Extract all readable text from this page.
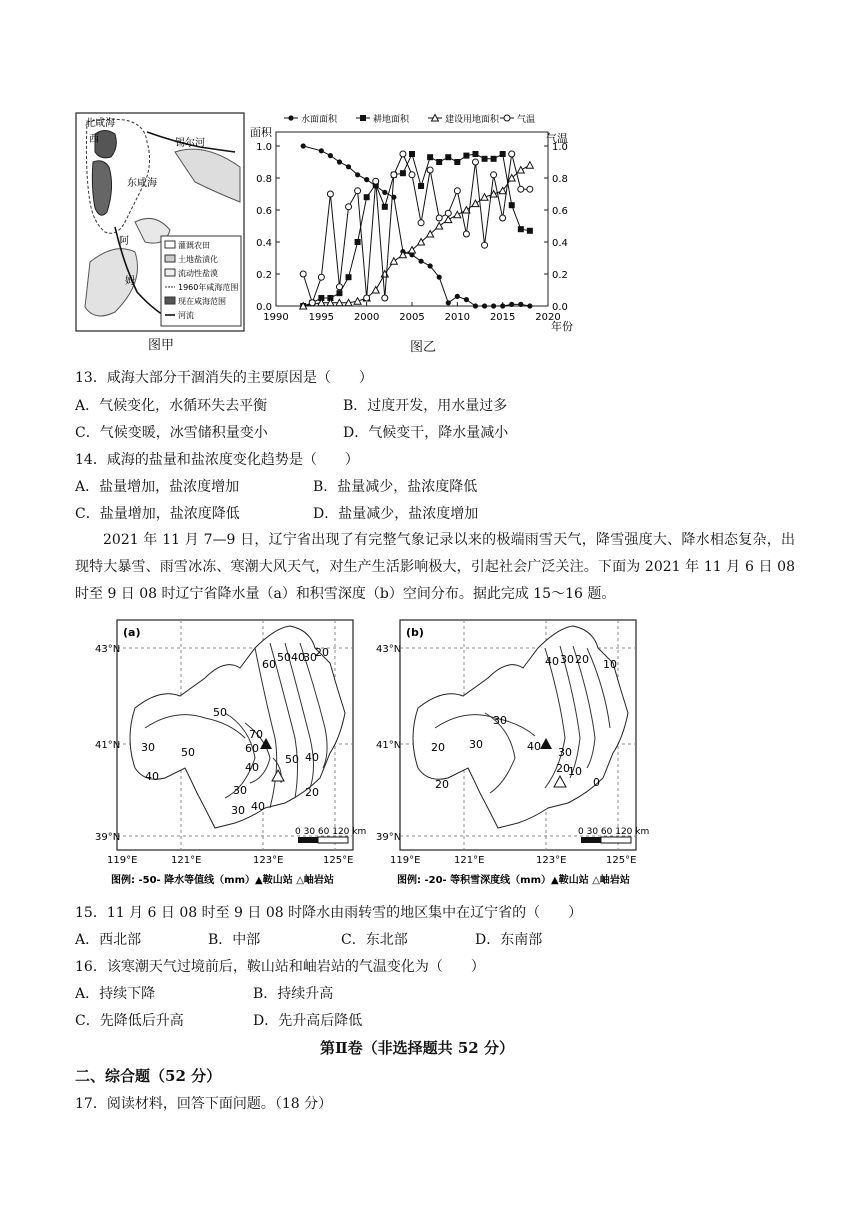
北咸海
西
东咸海
锡尔河
阿
姆
灌溉农田
土地盐渍化
流动性盐漠
1960年咸海范围
现在咸海范围
河流
图甲
水面面积	耕地面积	建设用地面积 气温
面积	气温
年份
0.0
0.2
0.4
0.6
0.8
1.0
0.0
0.2
0.4
0.6
0.8
1.0
1990 1995 2000 2005 2010 2015 2020
图乙
13．咸海大部分干涸消失的主要原因是（　　）
A．气候变化，水循环失去平衡	B．过度开发，用水量过多
C．气候变暖，冰雪储积量变小	D．气候变干，降水量减小
14．咸海的盐量和盐浓度变化趋势是（　　）
A．盐量增加，盐浓度增加	B．盐量减少，盐浓度降低
C．盐量增加，盐浓度降低	D．盐量减少，盐浓度增加
2021 年 11 月 7—9 日，辽宁省出现了有完整气象记录以来的极端雨雪天气，降雪强度大、降水相态复杂，出现特大暴雪、雨雪冰冻、寒潮大风天气，对生产生活影响极大，引起社会广泛关注。下面为 2021 年 11 月 6 日 08 时至 9 日 08 时辽宁省降水量（a）和积雪深度（b）空间分布。据此完成 15～16 题。
(a)
60
50 40
30
20
50
30 50
40
70
60
40
50 40
30	20
30 40
0 30 60 120 km
(b)
40 30 20 10
30
20 30	40 30
20
10
20	0
0 30 60 120 km
43°N
41°N
39°N
43°N
41°N
39°N
119°E	121°E	123°E	125°E	119°E	121°E	123°E	125°E
图例: -50- 降水等值线（mm）▲鞍山站 △岫岩站	图例: -20- 等积雪深度线（mm）▲鞍山站 △岫岩站
15．11 月 6 日 08 时至 9 日 08 时降水由雨转雪的地区集中在辽宁省的（　　）
A．西北部	B．中部	C．东北部	D．东南部
16．该寒潮天气过境前后，鞍山站和岫岩站的气温变化为（　　）
A．持续下降	B．持续升高
C．先降低后升高	D．先升高后降低
第Ⅱ卷（非选择题共 52 分）
二、综合题（52 分）
17．阅读材料，回答下面问题。（18 分）
